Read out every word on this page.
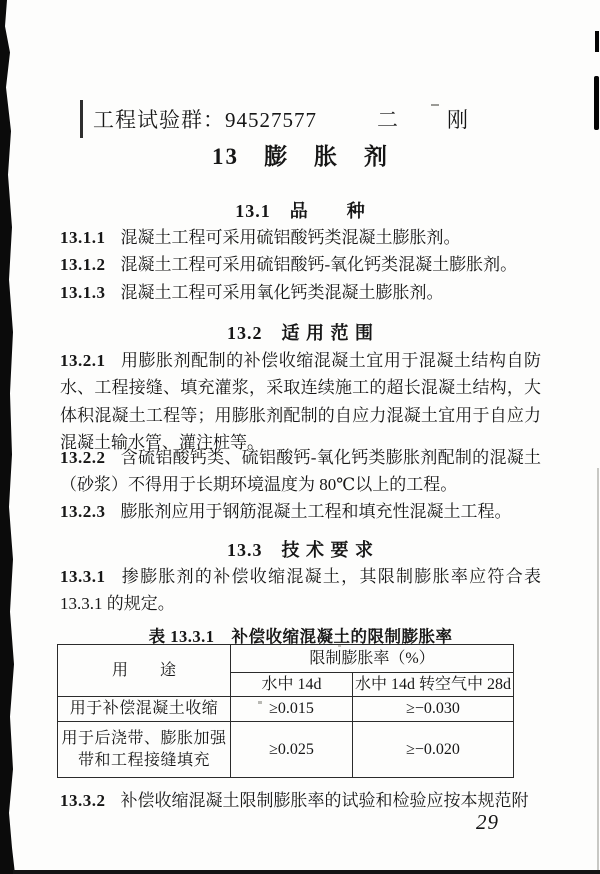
工程试验群：94527577	二　刚
13　膨　胀　剂
13.1　品　　种

13.1.1 混凝土工程可采用硫铝酸钙类混凝土膨胀剂。

13.1.2 混凝土工程可采用硫铝酸钙-氧化钙类混凝土膨胀剂。

13.1.3 混凝土工程可采用氧化钙类混凝土膨胀剂。

13.2　适 用 范 围

13.2.1 用膨胀剂配制的补偿收缩混凝土宜用于混凝土结构自防水、工程接缝、填充灌浆，采取连续施工的超长混凝土结构，大体积混凝土工程等；用膨胀剂配制的自应力混凝土宜用于自应力混凝土输水管、灌注桩等。

13.2.2 含硫铝酸钙类、硫铝酸钙-氧化钙类膨胀剂配制的混凝土（砂浆）不得用于长期环境温度为 80℃以上的工程。

13.2.3 膨胀剂应用于钢筋混凝土工程和填充性混凝土工程。

13.3　技 术 要 求

13.3.1 掺膨胀剂的补偿收缩混凝土，其限制膨胀率应符合表 13.3.1 的规定。

表 13.3.1　补偿收缩混凝土的限制膨胀率
用　　途	限制膨胀率（%）	
	水中 14d	水中 14d 转空气中 28d
用于补偿混凝土收缩	≥0.015	≥−0.030
用于后浇带、膨胀加强带和工程接缝填充	≥0.025	≥−0.020

13.3.2 补偿收缩混凝土限制膨胀率的试验和检验应按本规范附

29
